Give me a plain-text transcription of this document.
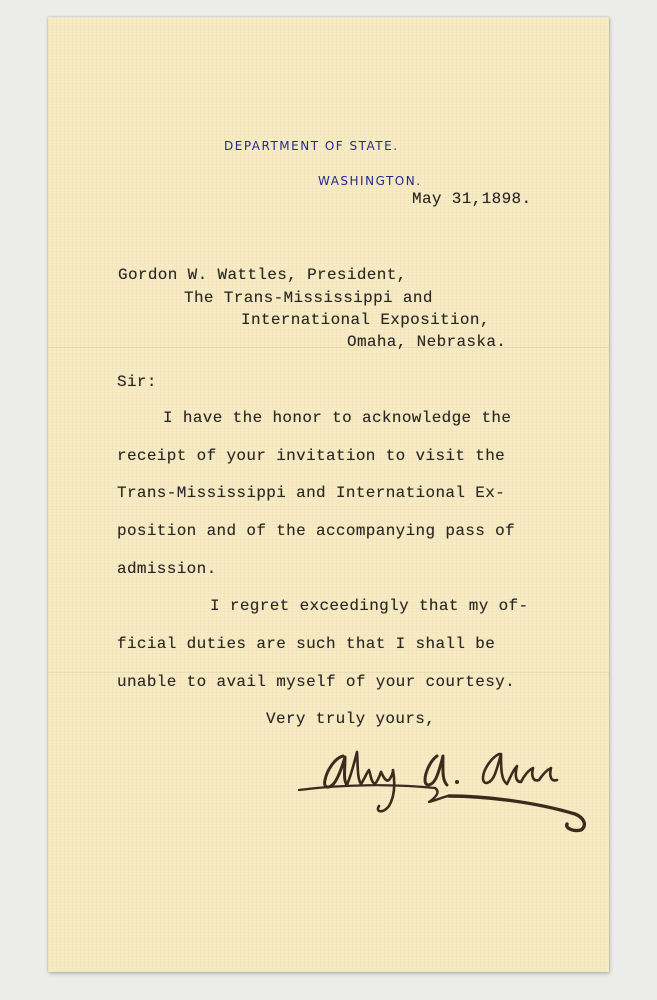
DEPARTMENT OF STATE.
WASHINGTON.
May 31,1898.
Gordon W. Wattles, President,
The Trans-Mississippi and
International Exposition,
Omaha, Nebraska.
Sir:
I have the honor to acknowledge the
receipt of your invitation to visit the
Trans-Mississippi and International Ex-
position and of the accompanying pass of
admission.
I regret exceedingly that my of-
ficial duties are such that I shall be
unable to avail myself of your courtesy.
Very truly yours,
